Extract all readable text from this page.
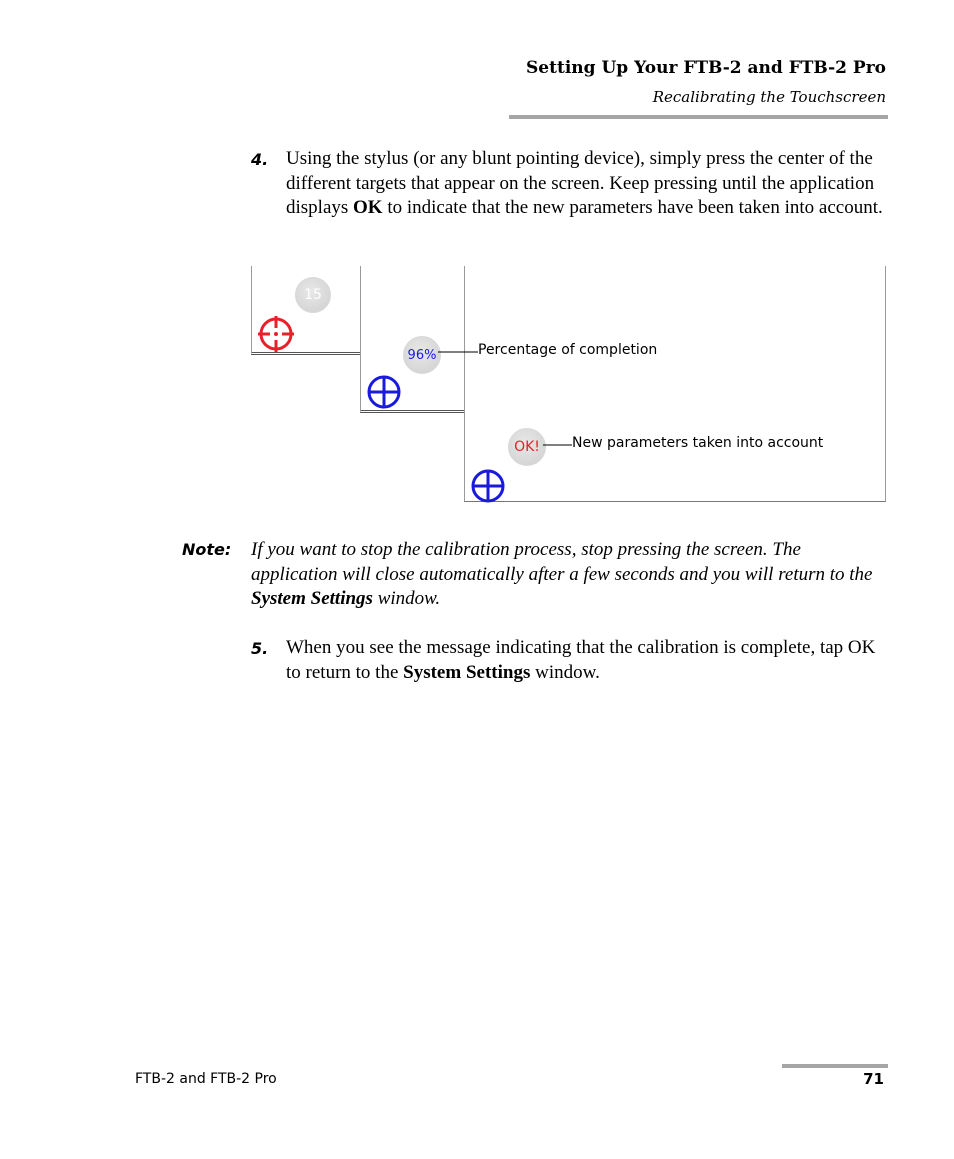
Setting Up Your FTB-2 and FTB-2 Pro
Recalibrating the Touchscreen
4. Using the stylus (or any blunt pointing device), simply press the center of the different targets that appear on the screen. Keep pressing until the application displays OK to indicate that the new parameters have been taken into account.
15
96%
OK!
Percentage of completion
New parameters taken into account
Note: If you want to stop the calibration process, stop pressing the screen. The application will close automatically after a few seconds and you will return to the System Settings window.
5. When you see the message indicating that the calibration is complete, tap OK to return to the System Settings window.
FTB-2 and FTB-2 Pro	71
